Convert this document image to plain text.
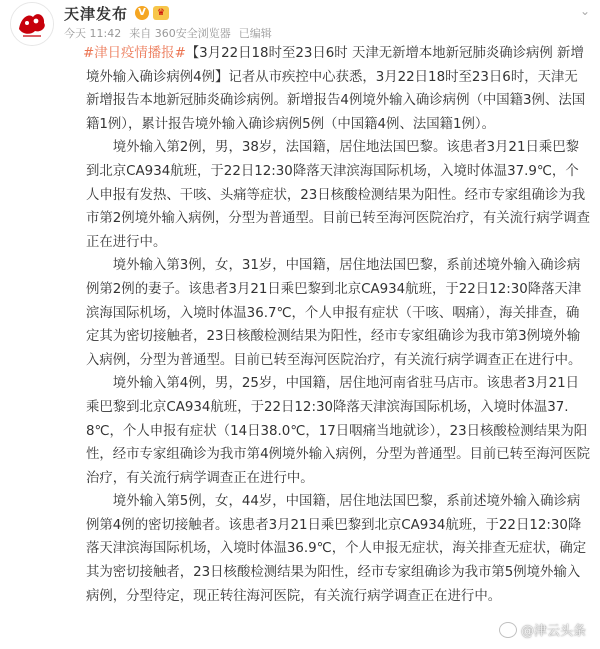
天津发布	V	♛	⌄
今天 11:42 来自 360安全浏览器 已编辑

#津日疫情播报#【3月22日18时至23日6时 天津无新增本地新冠肺炎确诊病例 新增境外输入确诊病例4例】记者从市疾控中心获悉，3月22日18时至23日6时，天津无新增报告本地新冠肺炎确诊病例。新增报告4例境外输入确诊病例（中国籍3例、法国籍1例），累计报告境外输入确诊病例5例（中国籍4例、法国籍1例）。

境外输入第2例，男，38岁，法国籍，居住地法国巴黎。该患者3月21日乘巴黎到北京CA934航班，于22日12:30降落天津滨海国际机场，入境时体温37.9℃，个人申报有发热、干咳、头痛等症状，23日核酸检测结果为阳性。经市专家组确诊为我市第2例境外输入病例，分型为普通型。目前已转至海河医院治疗，有关流行病学调查正在进行中。

境外输入第3例，女，31岁，中国籍，居住地法国巴黎，系前述境外输入确诊病例第2例的妻子。该患者3月21日乘巴黎到北京CA934航班，于22日12:30降落天津滨海国际机场，入境时体温36.7℃，个人申报有症状（干咳、咽痛），海关排查，确定其为密切接触者，23日核酸检测结果为阳性，经市专家组确诊为我市第3例境外输入病例，分型为普通型。目前已转至海河医院治疗，有关流行病学调查正在进行中。

境外输入第4例，男，25岁，中国籍，居住地河南省驻马店市。该患者3月21日乘巴黎到北京CA934航班，于22日12:30降落天津滨海国际机场，入境时体温37.8℃，个人申报有症状（14日38.0℃，17日咽痛当地就诊），23日核酸检测结果为阳性，经市专家组确诊为我市第4例境外输入病例，分型为普通型。目前已转至海河医院治疗，有关流行病学调查正在进行中。

境外输入第5例，女，44岁，中国籍，居住地法国巴黎，系前述境外输入确诊病例第4例的密切接触者。该患者3月21日乘巴黎到北京CA934航班，于22日12:30降落天津滨海国际机场，入境时体温36.9℃，个人申报无症状，海关排查无症状，确定其为密切接触者，23日核酸检测结果为阳性，经市专家组确诊为我市第5例境外输入病例，分型待定，现正转往海河医院，有关流行病学调查正在进行中。

@津云头条
